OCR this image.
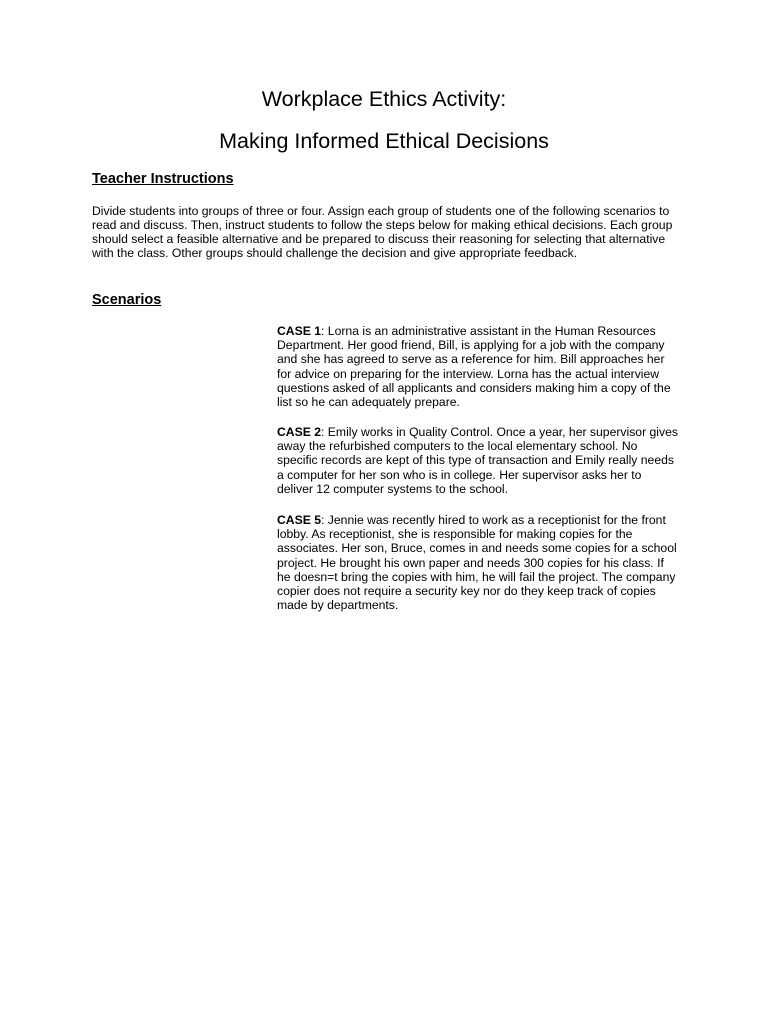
Workplace Ethics Activity:
Making Informed Ethical Decisions
Teacher Instructions

Divide students into groups of three or four. Assign each group of students one of the following scenarios to read and discuss. Then, instruct students to follow the steps below for making ethical decisions. Each group should select a feasible alternative and be prepared to discuss their reasoning for selecting that alternative with the class. Other groups should challenge the decision and give appropriate feedback.

Scenarios

CASE 1: Lorna is an administrative assistant in the Human Resources Department. Her good friend, Bill, is applying for a job with the company and she has agreed to serve as a reference for him. Bill approaches her for advice on preparing for the interview. Lorna has the actual interview questions asked of all applicants and considers making him a copy of the list so he can adequately prepare.

CASE 2: Emily works in Quality Control. Once a year, her supervisor gives away the refurbished computers to the local elementary school. No specific records are kept of this type of transaction and Emily really needs a computer for her son who is in college. Her supervisor asks her to deliver 12 computer systems to the school.

CASE 5: Jennie was recently hired to work as a receptionist for the front lobby. As receptionist, she is responsible for making copies for the associates. Her son, Bruce, comes in and needs some copies for a school project. He brought his own paper and needs 300 copies for his class. If he doesn=t bring the copies with him, he will fail the project. The company copier does not require a security key nor do they keep track of copies made by departments.
